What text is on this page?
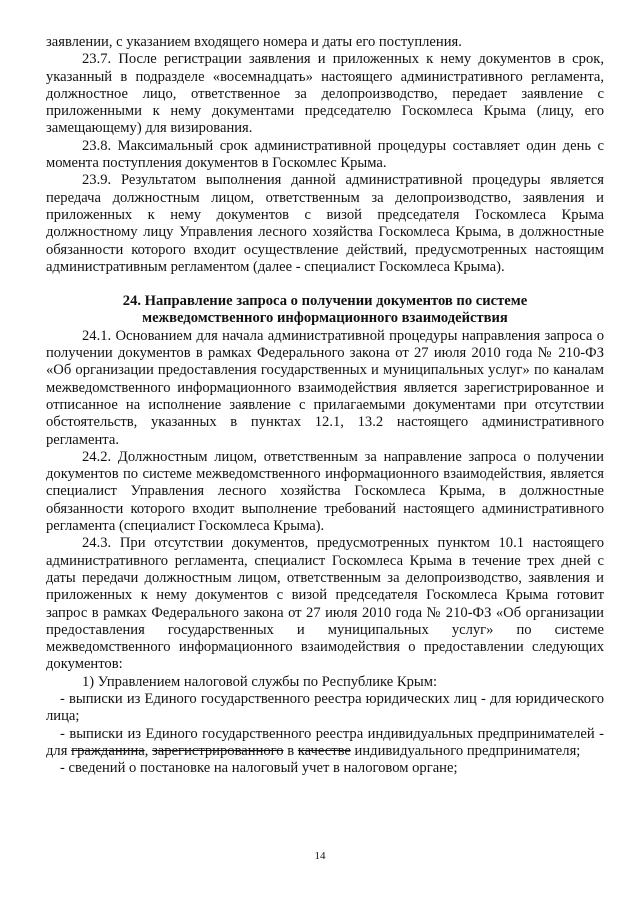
заявлении, с указанием входящего номера и даты его поступления.

23.7. После регистрации заявления и приложенных к нему документов в срок, указанный в подразделе «восемнадцать» настоящего административного регламента, должностное лицо, ответственное за делопроизводство, передает заявление с приложенными к нему документами председателю Госкомлеса Крыма (лицу, его замещающему) для визирования.

23.8. Максимальный срок административной процедуры составляет один день с момента поступления документов в Госкомлес Крыма.

23.9. Результатом выполнения данной административной процедуры является передача должностным лицом, ответственным за делопроизводство, заявления и приложенных к нему документов с визой председателя Госкомлеса Крыма должностному лицу Управления лесного хозяйства Госкомлеса Крыма, в должностные обязанности которого входит осуществление действий, предусмотренных настоящим административным регламентом (далее - специалист Госкомлеса Крыма).

24. Направление запроса о получении документов по системе
межведомственного информационного взаимодействия

24.1. Основанием для начала административной процедуры направления запроса о получении документов в рамках Федерального закона от 27 июля 2010 года № 210-ФЗ «Об организации предоставления государственных и муниципальных услуг» по каналам межведомственного информационного взаимодействия является зарегистрированное и отписанное на исполнение заявление с прилагаемыми документами при отсутствии обстоятельств, указанных в пунктах 12.1, 13.2 настоящего административного регламента.

24.2. Должностным лицом, ответственным за направление запроса о получении документов по системе межведомственного информационного взаимодействия, является специалист Управления лесного хозяйства Госкомлеса Крыма, в должностные обязанности которого входит выполнение требований настоящего административного регламента (специалист Госкомлеса Крыма).

24.3. При отсутствии документов, предусмотренных пунктом 10.1 настоящего административного регламента, специалист Госкомлеса Крыма в течение трех дней с даты передачи должностным лицом, ответственным за делопроизводство, заявления и приложенных к нему документов с визой председателя Госкомлеса Крыма готовит запрос в рамках Федерального закона от 27 июля 2010 года № 210-ФЗ «Об организации предоставления государственных и муниципальных услуг» по системе межведомственного информационного взаимодействия о предоставлении следующих документов:

1) Управлением налоговой службы по Республике Крым:

- выписки из Единого государственного реестра юридических лиц - для юридического лица;

- выписки из Единого государственного реестра индивидуальных предпринимателей - для гражданина, зарегистрированного в качестве индивидуального предпринимателя;

- сведений о постановке на налоговый учет в налоговом органе;

14
